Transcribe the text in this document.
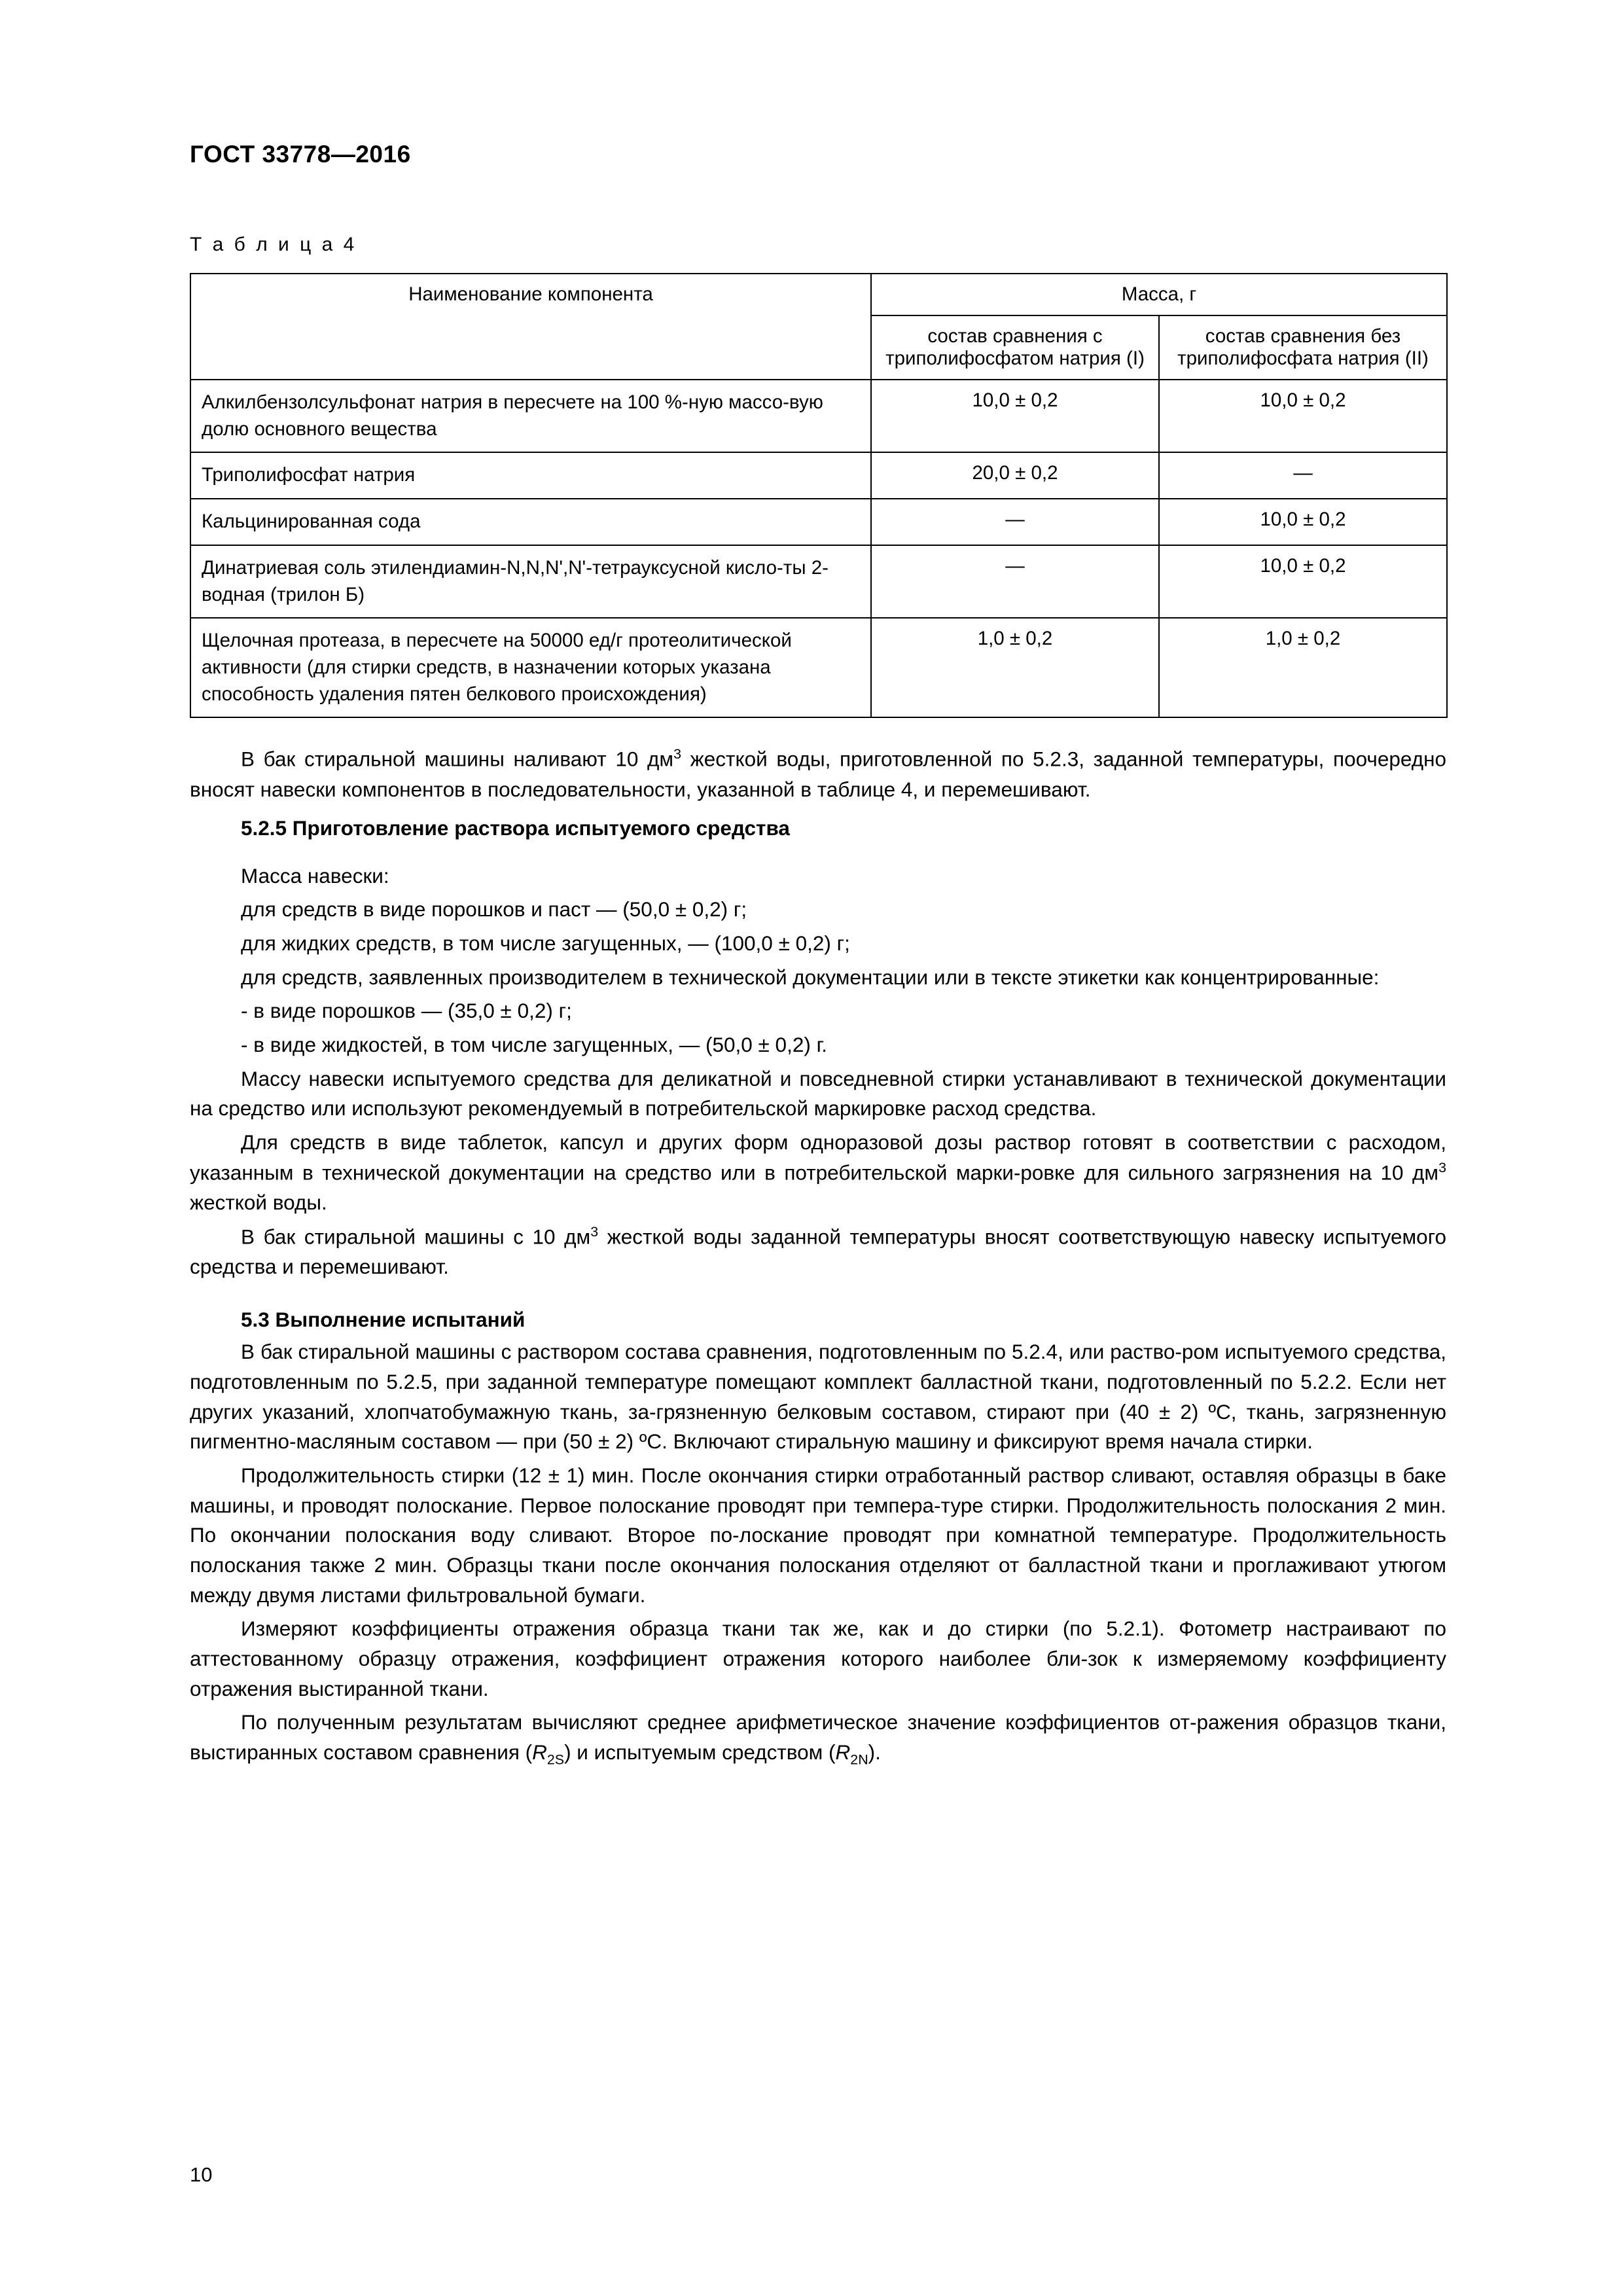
ГОСТ 33778—2016
Т а б л и ц а 4
Наименование компонента	Масса, г	
	состав сравнения с триполифосфатом натрия (I)	состав сравнения без триполифосфата натрия (II)
Алкилбензолсульфонат натрия в пересчете на 100 %-ную массо-вую долю основного вещества	10,0 ± 0,2	10,0 ± 0,2
Триполифосфат натрия	20,0 ± 0,2	—
Кальцинированная сода	—	10,0 ± 0,2
Динатриевая соль этилендиамин-N,N,N',N'-тетрауксусной кисло-ты 2-водная (трилон Б)	—	10,0 ± 0,2
Щелочная протеаза, в пересчете на 50000 ед/г протеолитической активности (для стирки средств, в назначении которых указана способность удаления пятен белкового происхождения)	1,0 ± 0,2	1,0 ± 0,2

В бак стиральной машины наливают 10 $дм^3$ жесткой воды, приготовленной по 5.2.3, заданной температуры, поочередно вносят навески компонентов в последовательности, указанной в таблице 4, и перемешивают.

5.2.5 Приготовление раствора испытуемого средства

Масса навески:

для средств в виде порошков и паст — (50,0 ± 0,2) г;

для жидких средств, в том числе загущенных, — (100,0 ± 0,2) г;

для средств, заявленных производителем в технической документации или в тексте этикетки как концентрированные:

- в виде порошков — (35,0 ± 0,2) г;

- в виде жидкостей, в том числе загущенных, — (50,0 ± 0,2) г.

Массу навески испытуемого средства для деликатной и повседневной стирки устанавливают в технической документации на средство или используют рекомендуемый в потребительской маркировке расход средства.

Для средств в виде таблеток, капсул и других форм одноразовой дозы раствор готовят в соответствии с расходом, указанным в технической документации на средство или в потребительской марки-ровке для сильного загрязнения на 10 $дм^3$ жесткой воды.

В бак стиральной машины с 10 $дм^3$ жесткой воды заданной температуры вносят соответствующую навеску испытуемого средства и перемешивают.

5.3 Выполнение испытаний

В бак стиральной машины с раствором состава сравнения, подготовленным по 5.2.4, или раство-ром испытуемого средства, подготовленным по 5.2.5, при заданной температуре помещают комплект балластной ткани, подготовленный по 5.2.2. Если нет других указаний, хлопчатобумажную ткань, за-грязненную белковым составом, стирают при (40 ± 2) ºС, ткань, загрязненную пигментно-масляным составом — при (50 ± 2) ºС. Включают стиральную машину и фиксируют время начала стирки.

Продолжительность стирки (12 ± 1) мин. После окончания стирки отработанный раствор сливают, оставляя образцы в баке машины, и проводят полоскание. Первое полоскание проводят при темпера-туре стирки. Продолжительность полоскания 2 мин. По окончании полоскания воду сливают. Второе по-лоскание проводят при комнатной температуре. Продолжительность полоскания также 2 мин. Образцы ткани после окончания полоскания отделяют от балластной ткани и проглаживают утюгом между двумя листами фильтровальной бумаги.

Измеряют коэффициенты отражения образца ткани так же, как и до стирки (по 5.2.1). Фотометр настраивают по аттестованному образцу отражения, коэффициент отражения которого наиболее бли-зок к измеряемому коэффициенту отражения выстиранной ткани.

По полученным результатам вычисляют среднее арифметическое значение коэффициентов от-ражения образцов ткани, выстиранных составом сравнения $(R_{2S})$ и испытуемым средством $(R_{2N})$.

10
